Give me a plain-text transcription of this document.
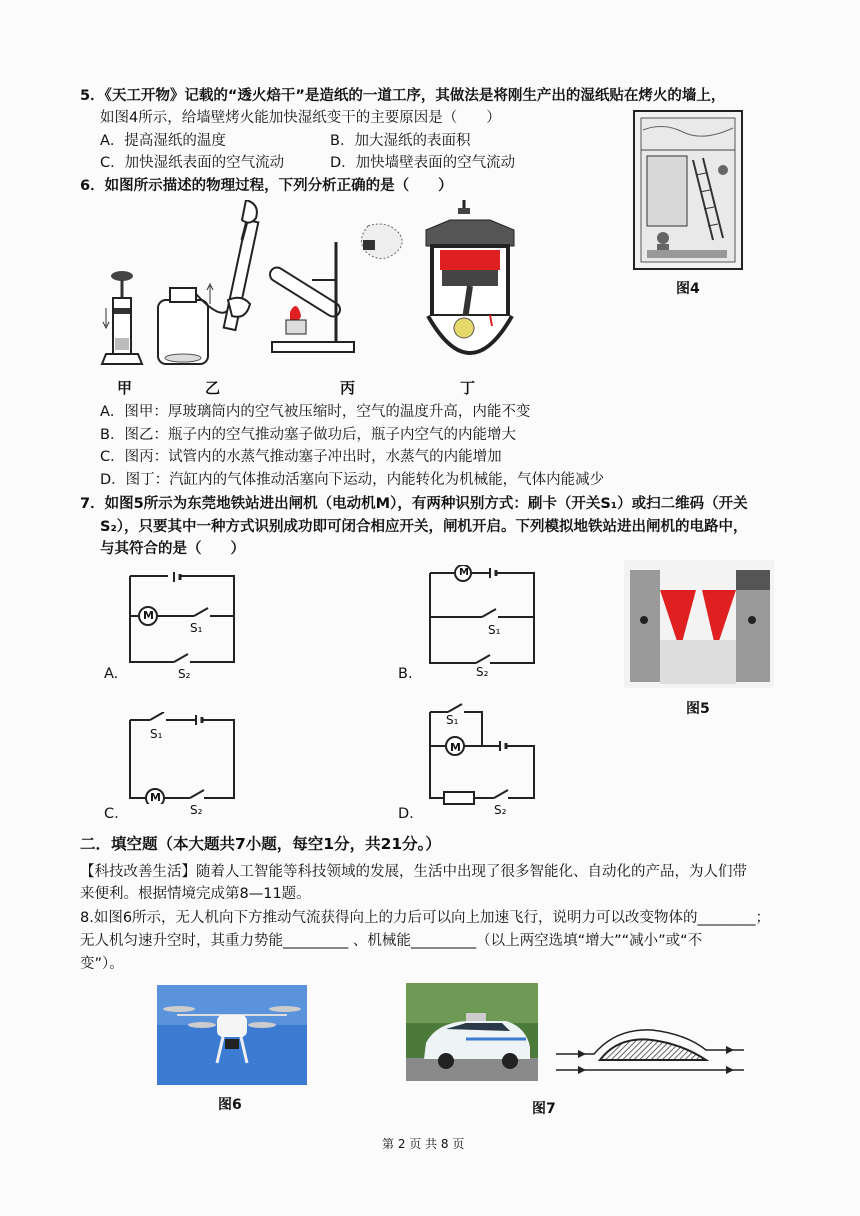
5．《天工开物》记载的“透火焙干”是造纸的一道工序，其做法是将刚生产出的湿纸贴在烤火的墙上，
如图4所示，给墙壁烤火能加快湿纸变干的主要原因是（　　）
A．提高湿纸的温度	B．加大湿纸的表面积
C．加快湿纸表面的空气流动	D．加快墙壁表面的空气流动
图4
6．如图所示描述的物理过程，下列分析正确的是（　　）
甲	乙	丙	丁
A．图甲：厚玻璃筒内的空气被压缩时，空气的温度升高，内能不变
B．图乙：瓶子内的空气推动塞子做功后，瓶子内空气的内能增大
C．图丙：试管内的水蒸气推动塞子冲出时，水蒸气的内能增加
D．图丁：汽缸内的气体推动活塞向下运动，内能转化为机械能，气体内能减少
7．如图5所示为东莞地铁站进出闸机（电动机M），有两种识别方式：刷卡（开关S₁）或扫二维码（开关
S₂），只要其中一种方式识别成功即可闭合相应开关，闸机开启。下列模拟地铁站进出闸机的电路中，
与其符合的是（　　）
M
S₁
S₂
A.
M
S₁
S₂
B.
图5
S₁
M
S₂
C.
S₁
M
S₂
D.
二．填空题（本大题共7小题，每空1分，共21分。）
【科技改善生活】随着人工智能等科技领域的发展，生活中出现了很多智能化、自动化的产品，为人们带
来便利。根据情境完成第8—11题。
8.如图6所示，无人机向下方推动气流获得向上的力后可以向上加速飞行，说明力可以改变物体的________；
无人机匀速升空时，其重力势能_________ 、机械能_________（以上两空选填“增大”“减小”或“不
变”）。
图6	图7
第 2 页 共 8 页
